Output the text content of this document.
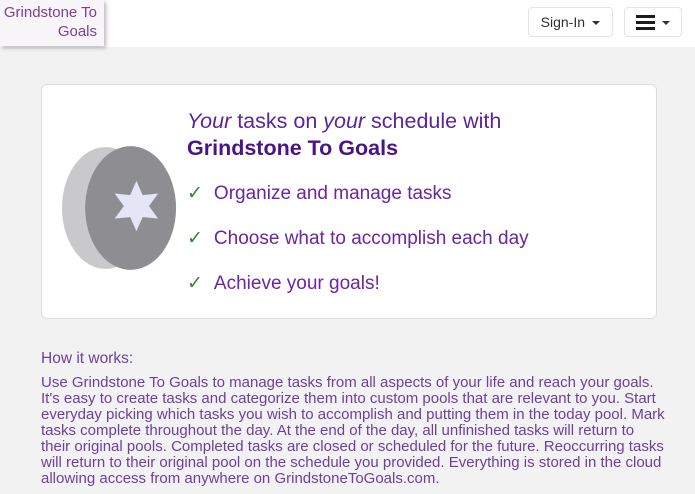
Grindstone To Goals
Sign-In
Your tasks on your schedule with
Grindstone To Goals
✓ Organize and manage tasks
✓ Choose what to accomplish each day
✓ Achieve your goals!
How it works:
Use Grindstone To Goals to manage tasks from all aspects of your life and reach your goals. It's easy to create tasks and categorize them into custom pools that are relevant to you. Start everyday picking which tasks you wish to accomplish and putting them in the today pool. Mark tasks complete throughout the day. At the end of the day, all unfinished tasks will return to their original pools. Completed tasks are closed or scheduled for the future. Reoccurring tasks will return to their original pool on the schedule you provided. Everything is stored in the cloud allowing access from anywhere on GrindstoneToGoals.com.
